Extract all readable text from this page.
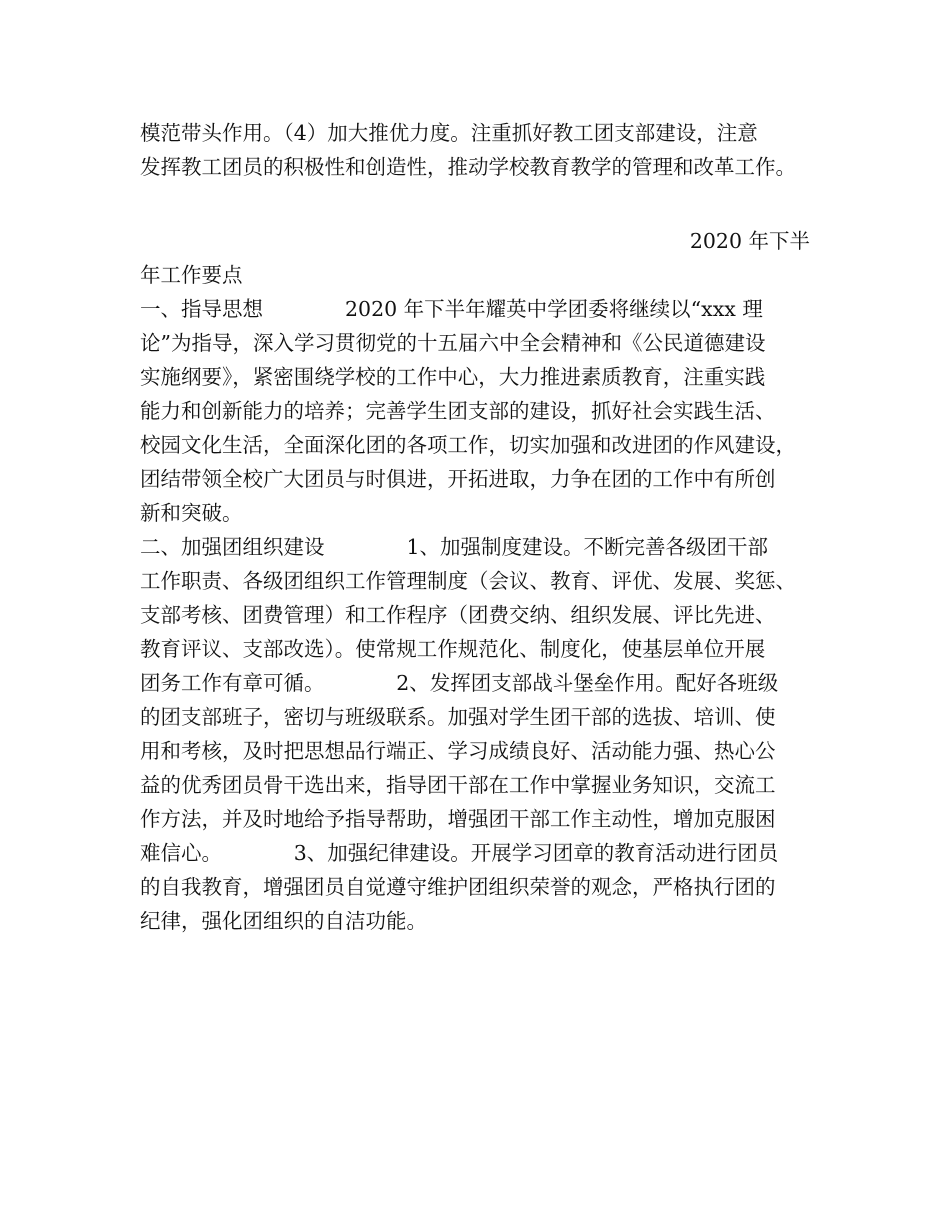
模范带头作用。（4）加大推优力度。注重抓好教工团支部建设，注意
发挥教工团员的积极性和创造性，推动学校教育教学的管理和改革工作。
2020 年下半
年工作要点
一、指导思想　　　　2020 年下半年耀英中学团委将继续以“xxx 理
论”为指导，深入学习贯彻党的十五届六中全会精神和《公民道德建设
实施纲要》，紧密围绕学校的工作中心，大力推进素质教育，注重实践
能力和创新能力的培养；完善学生团支部的建设，抓好社会实践生活、
校园文化生活，全面深化团的各项工作，切实加强和改进团的作风建设，
团结带领全校广大团员与时俱进，开拓进取，力争在团的工作中有所创
新和突破。
二、加强团组织建设　　　　1、加强制度建设。不断完善各级团干部
工作职责、各级团组织工作管理制度（会议、教育、评优、发展、奖惩、
支部考核、团费管理）和工作程序（团费交纳、组织发展、评比先进、
教育评议、支部改选）。使常规工作规范化、制度化，使基层单位开展
团务工作有章可循。　　　　2、发挥团支部战斗堡垒作用。配好各班级
的团支部班子，密切与班级联系。加强对学生团干部的选拔、培训、使
用和考核，及时把思想品行端正、学习成绩良好、活动能力强、热心公
益的优秀团员骨干选出来，指导团干部在工作中掌握业务知识，交流工
作方法，并及时地给予指导帮助，增强团干部工作主动性，增加克服困
难信心。　　　　3、加强纪律建设。开展学习团章的教育活动进行团员
的自我教育，增强团员自觉遵守维护团组织荣誉的观念，严格执行团的
纪律，强化团组织的自洁功能。
